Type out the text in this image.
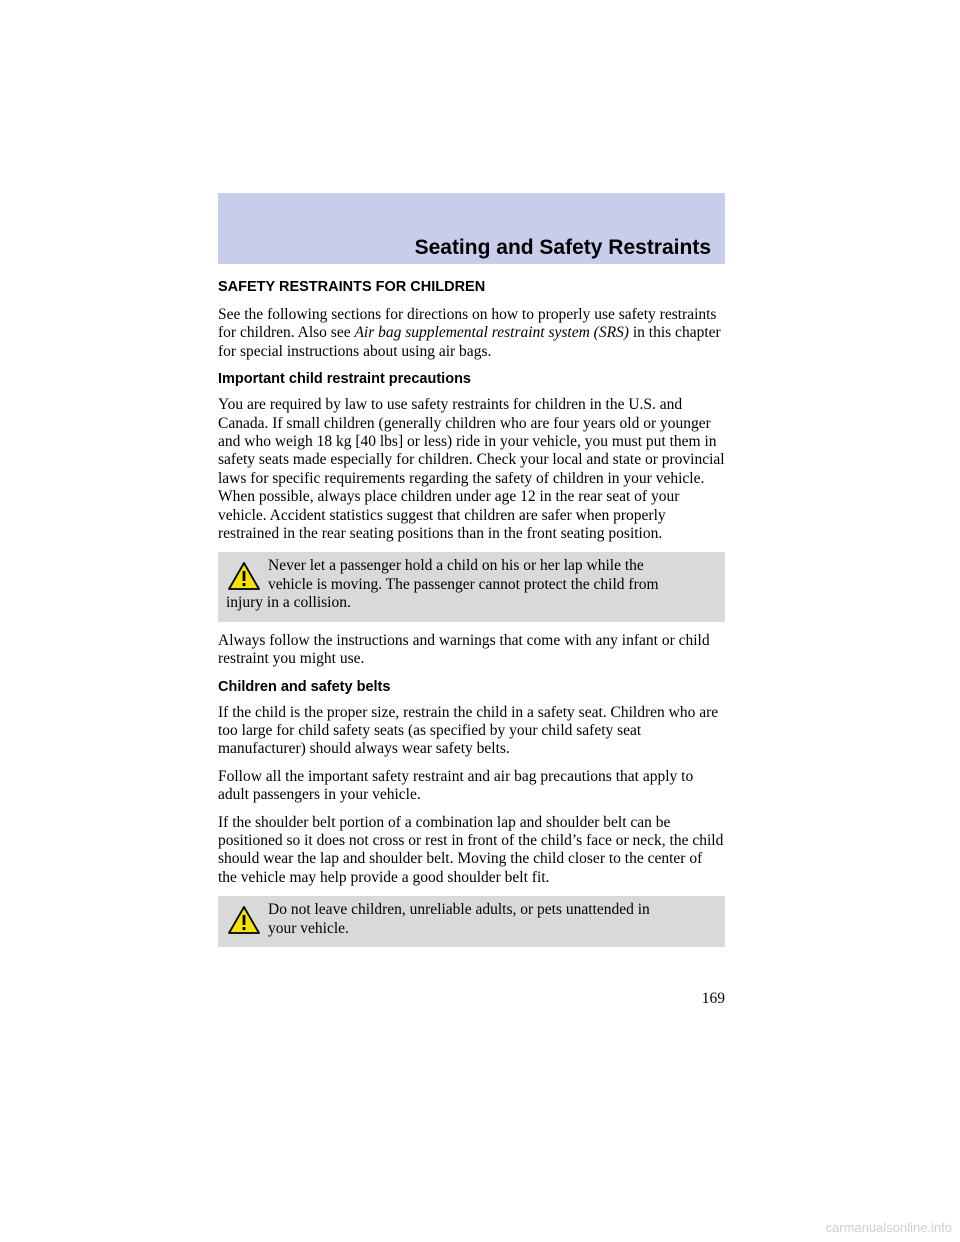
Seating and Safety Restraints
SAFETY RESTRAINTS FOR CHILDREN

See the following sections for directions on how to properly use safety restraints for children. Also see Air bag supplemental restraint system (SRS) in this chapter for special instructions about using air bags.

Important child restraint precautions

You are required by law to use safety restraints for children in the U.S. and Canada. If small children (generally children who are four years old or younger and who weigh 18 kg [40 lbs] or less) ride in your vehicle, you must put them in safety seats made especially for children. Check your local and state or provincial laws for specific requirements regarding the safety of children in your vehicle. When possible, always place children under age 12 in the rear seat of your vehicle. Accident statistics suggest that children are safer when properly restrained in the rear seating positions than in the front seating position.

Never let a passenger hold a child on his or her lap while the
vehicle is moving. The passenger cannot protect the child from
injury in a collision.

Always follow the instructions and warnings that come with any infant or child restraint you might use.

Children and safety belts

If the child is the proper size, restrain the child in a safety seat. Children who are too large for child safety seats (as specified by your child safety seat manufacturer) should always wear safety belts.

Follow all the important safety restraint and air bag precautions that apply to adult passengers in your vehicle.

If the shoulder belt portion of a combination lap and shoulder belt can be positioned so it does not cross or rest in front of the child’s face or neck, the child should wear the lap and shoulder belt. Moving the child closer to the center of the vehicle may help provide a good shoulder belt fit.

Do not leave children, unreliable adults, or pets unattended in
your vehicle.
169
carmanualsonline.info
